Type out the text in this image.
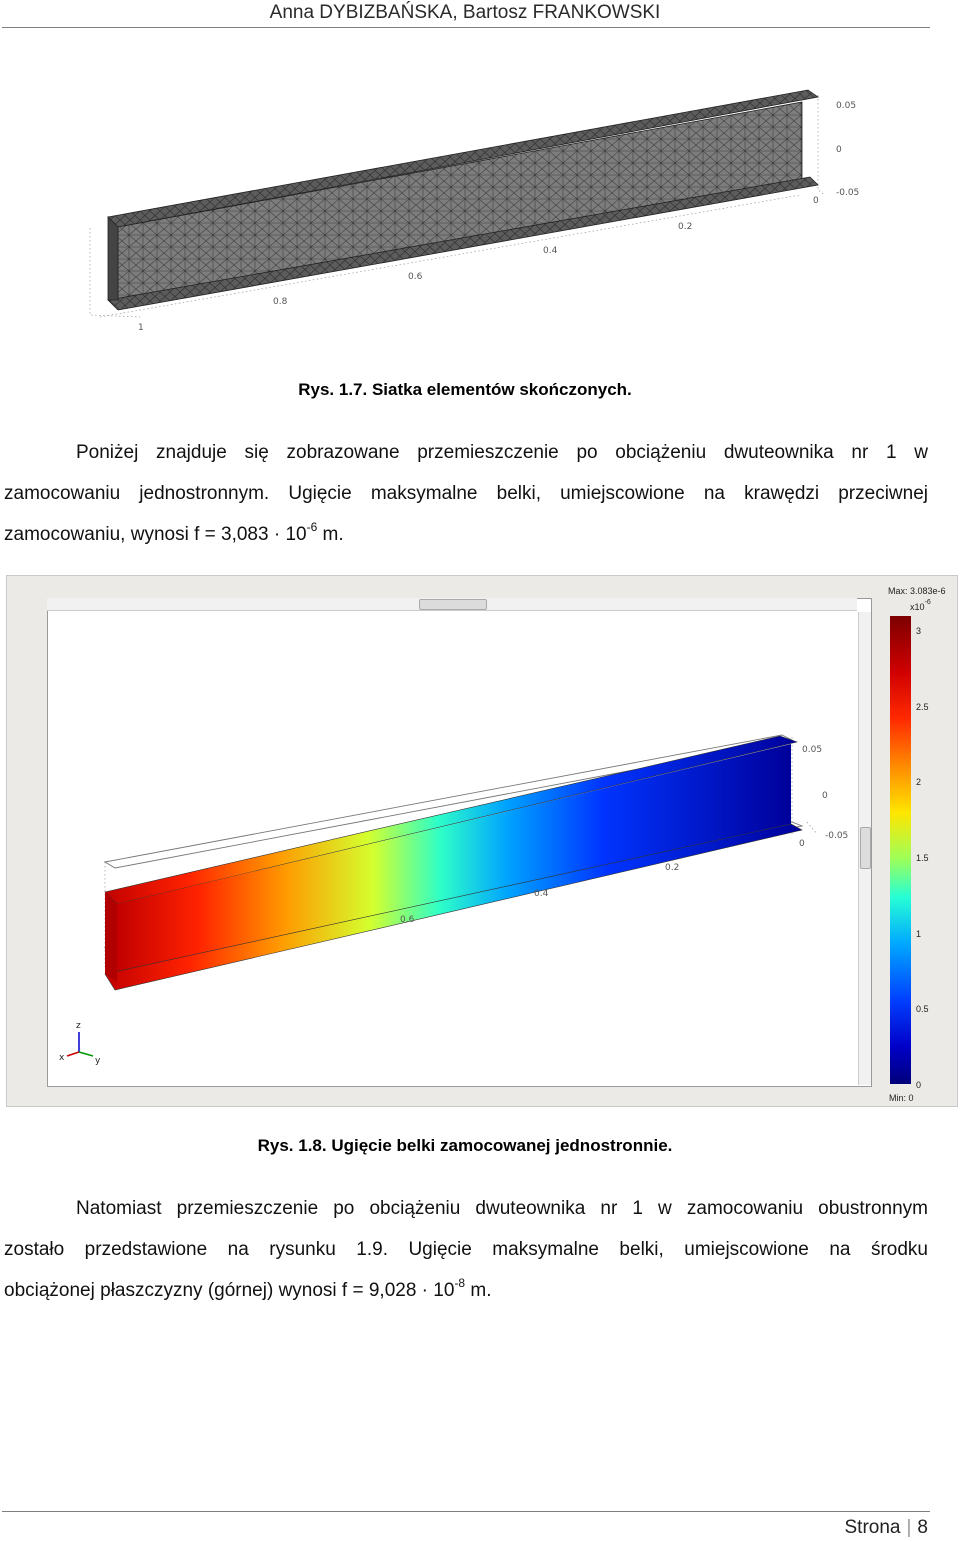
Anna DYBIZBAŃSKA, Bartosz FRANKOWSKI
0.05
0
-0.05
0
0.2
0.4
0.6
0.8
1
Rys. 1.7. Siatka elementów skończonych.
Poniżej znajduje się zobrazowane przemieszczenie po obciążeniu dwuteownika nr 1 w
zamocowaniu jednostronnym. Ugięcie maksymalne belki, umiejscowione na krawędzi przeciwnej
zamocowaniu, wynosi $f = 3,083 \cdot 10^{-6}$ m.
0.05
0
-0.05
0
0.2
0.4
0.6
z
x	y
Max: 3.083e-6
$x10^{-6}$
3
2.5
2
1.5
1
0.5
0
Min: 0
Rys. 1.8. Ugięcie belki zamocowanej jednostronnie.
Natomiast przemieszczenie po obciążeniu dwuteownika nr 1 w zamocowaniu obustronnym
zostało przedstawione na rysunku 1.9. Ugięcie maksymalne belki, umiejscowione na środku
obciążonej płaszczyzny (górnej) wynosi $f = 9,028 \cdot 10^{-8}$ m.
Strona | 8
